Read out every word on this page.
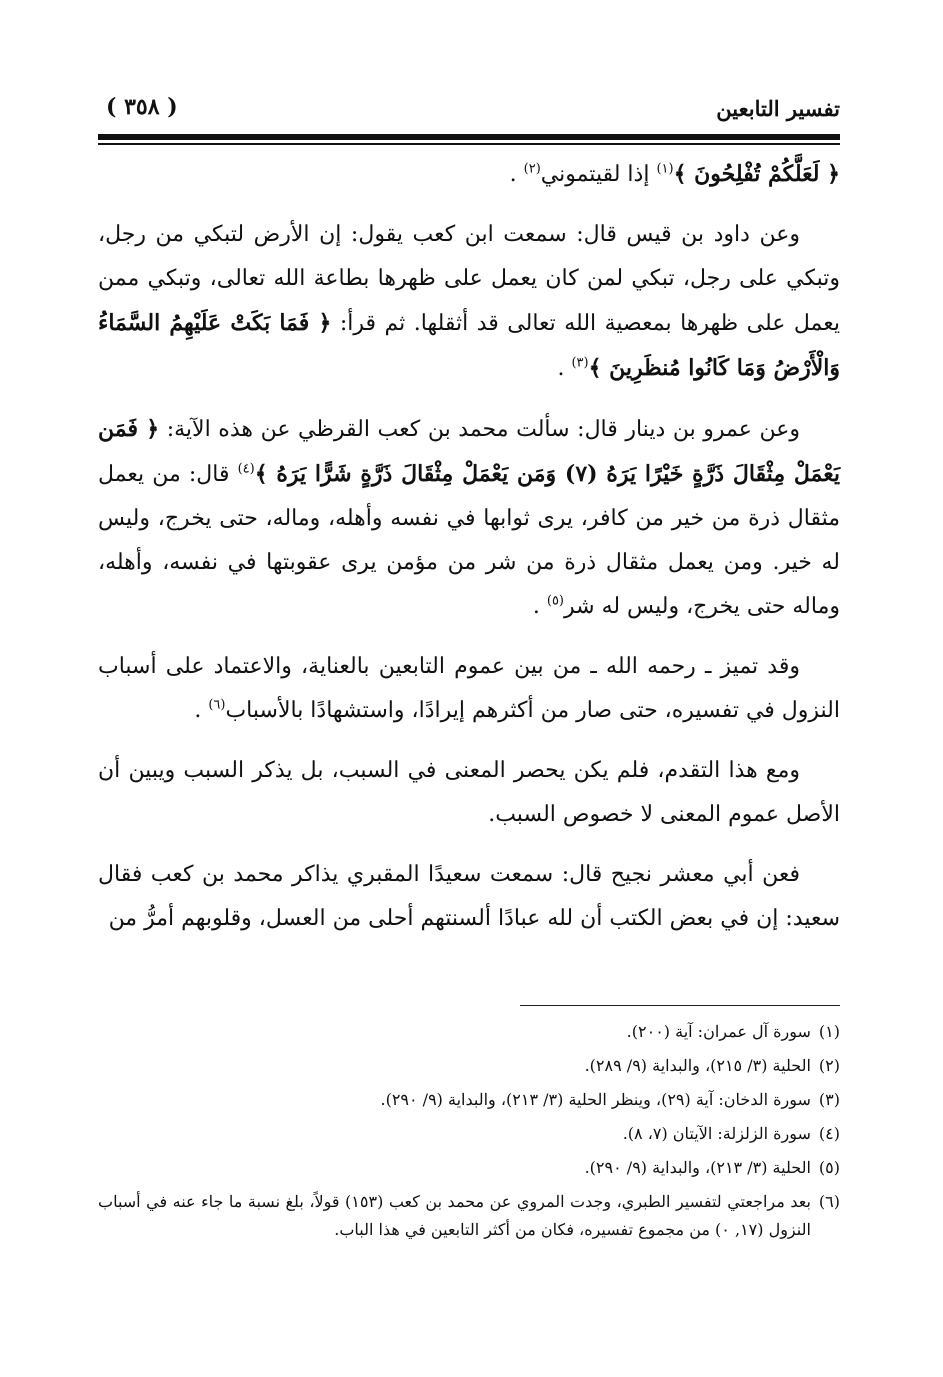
تفسير التابعين
( ٣٥٨ )

﴿ لَعَلَّكُمْ تُفْلِحُونَ ﴾$^{(١)}$ إذا لقيتموني$^{(٢)}$ .

وعن داود بن قيس قال: سمعت ابن كعب يقول: إن الأرض لتبكي من رجل، وتبكي على رجل، تبكي لمن كان يعمل على ظهرها بطاعة الله تعالى، وتبكي ممن يعمل على ظهرها بمعصية الله تعالى قد أثقلها. ثم قرأ: ﴿ فَمَا بَكَتْ عَلَيْهِمُ السَّمَاءُ وَالْأَرْضُ وَمَا كَانُوا مُنظَرِينَ ﴾$^{(٣)}$ .

وعن عمرو بن دينار قال: سألت محمد بن كعب القرظي عن هذه الآية: ﴿ فَمَن يَعْمَلْ مِثْقَالَ ذَرَّةٍ خَيْرًا يَرَهُ (٧) وَمَن يَعْمَلْ مِثْقَالَ ذَرَّةٍ شَرًّا يَرَهُ ﴾$^{(٤)}$ قال: من يعمل مثقال ذرة من خير من كافر، يرى ثوابها في نفسه وأهله، وماله، حتى يخرج، وليس له خير. ومن يعمل مثقال ذرة من شر من مؤمن يرى عقوبتها في نفسه، وأهله، وماله حتى يخرج، وليس له شر$^{(٥)}$ .

وقد تميز ـ رحمه الله ـ من بين عموم التابعين بالعناية، والاعتماد على أسباب النزول في تفسيره، حتى صار من أكثرهم إيرادًا، واستشهادًا بالأسباب$^{(٦)}$ .

ومع هذا التقدم، فلم يكن يحصر المعنى في السبب، بل يذكر السبب ويبين أن الأصل عموم المعنى لا خصوص السبب.

فعن أبي معشر نجيح قال: سمعت سعيدًا المقبري يذاكر محمد بن كعب فقال سعيد: إن في بعض الكتب أن لله عبادًا ألسنتهم أحلى من العسل، وقلوبهم أمرُّ من

(١)
سورة آل عمران: آية (٢٠٠).
(٢)
الحلية (٣/ ٢١٥)، والبداية (٩/ ٢٨٩).
(٣)
سورة الدخان: آية (٢٩)، وينظر الحلية (٣/ ٢١٣)، والبداية (٩/ ٢٩٠).
(٤)
سورة الزلزلة: الآيتان (٧، ٨).
(٥)
الحلية (٣/ ٢١٣)، والبداية (٩/ ٢٩٠).
(٦)
بعد مراجعتي لتفسير الطبري، وجدت المروي عن محمد بن كعب (١٥٣) قولاً، بلغ نسبة ما جاء عنه في أسباب النزول (١٧, ٠) من مجموع تفسيره، فكان من أكثر التابعين في هذا الباب.
